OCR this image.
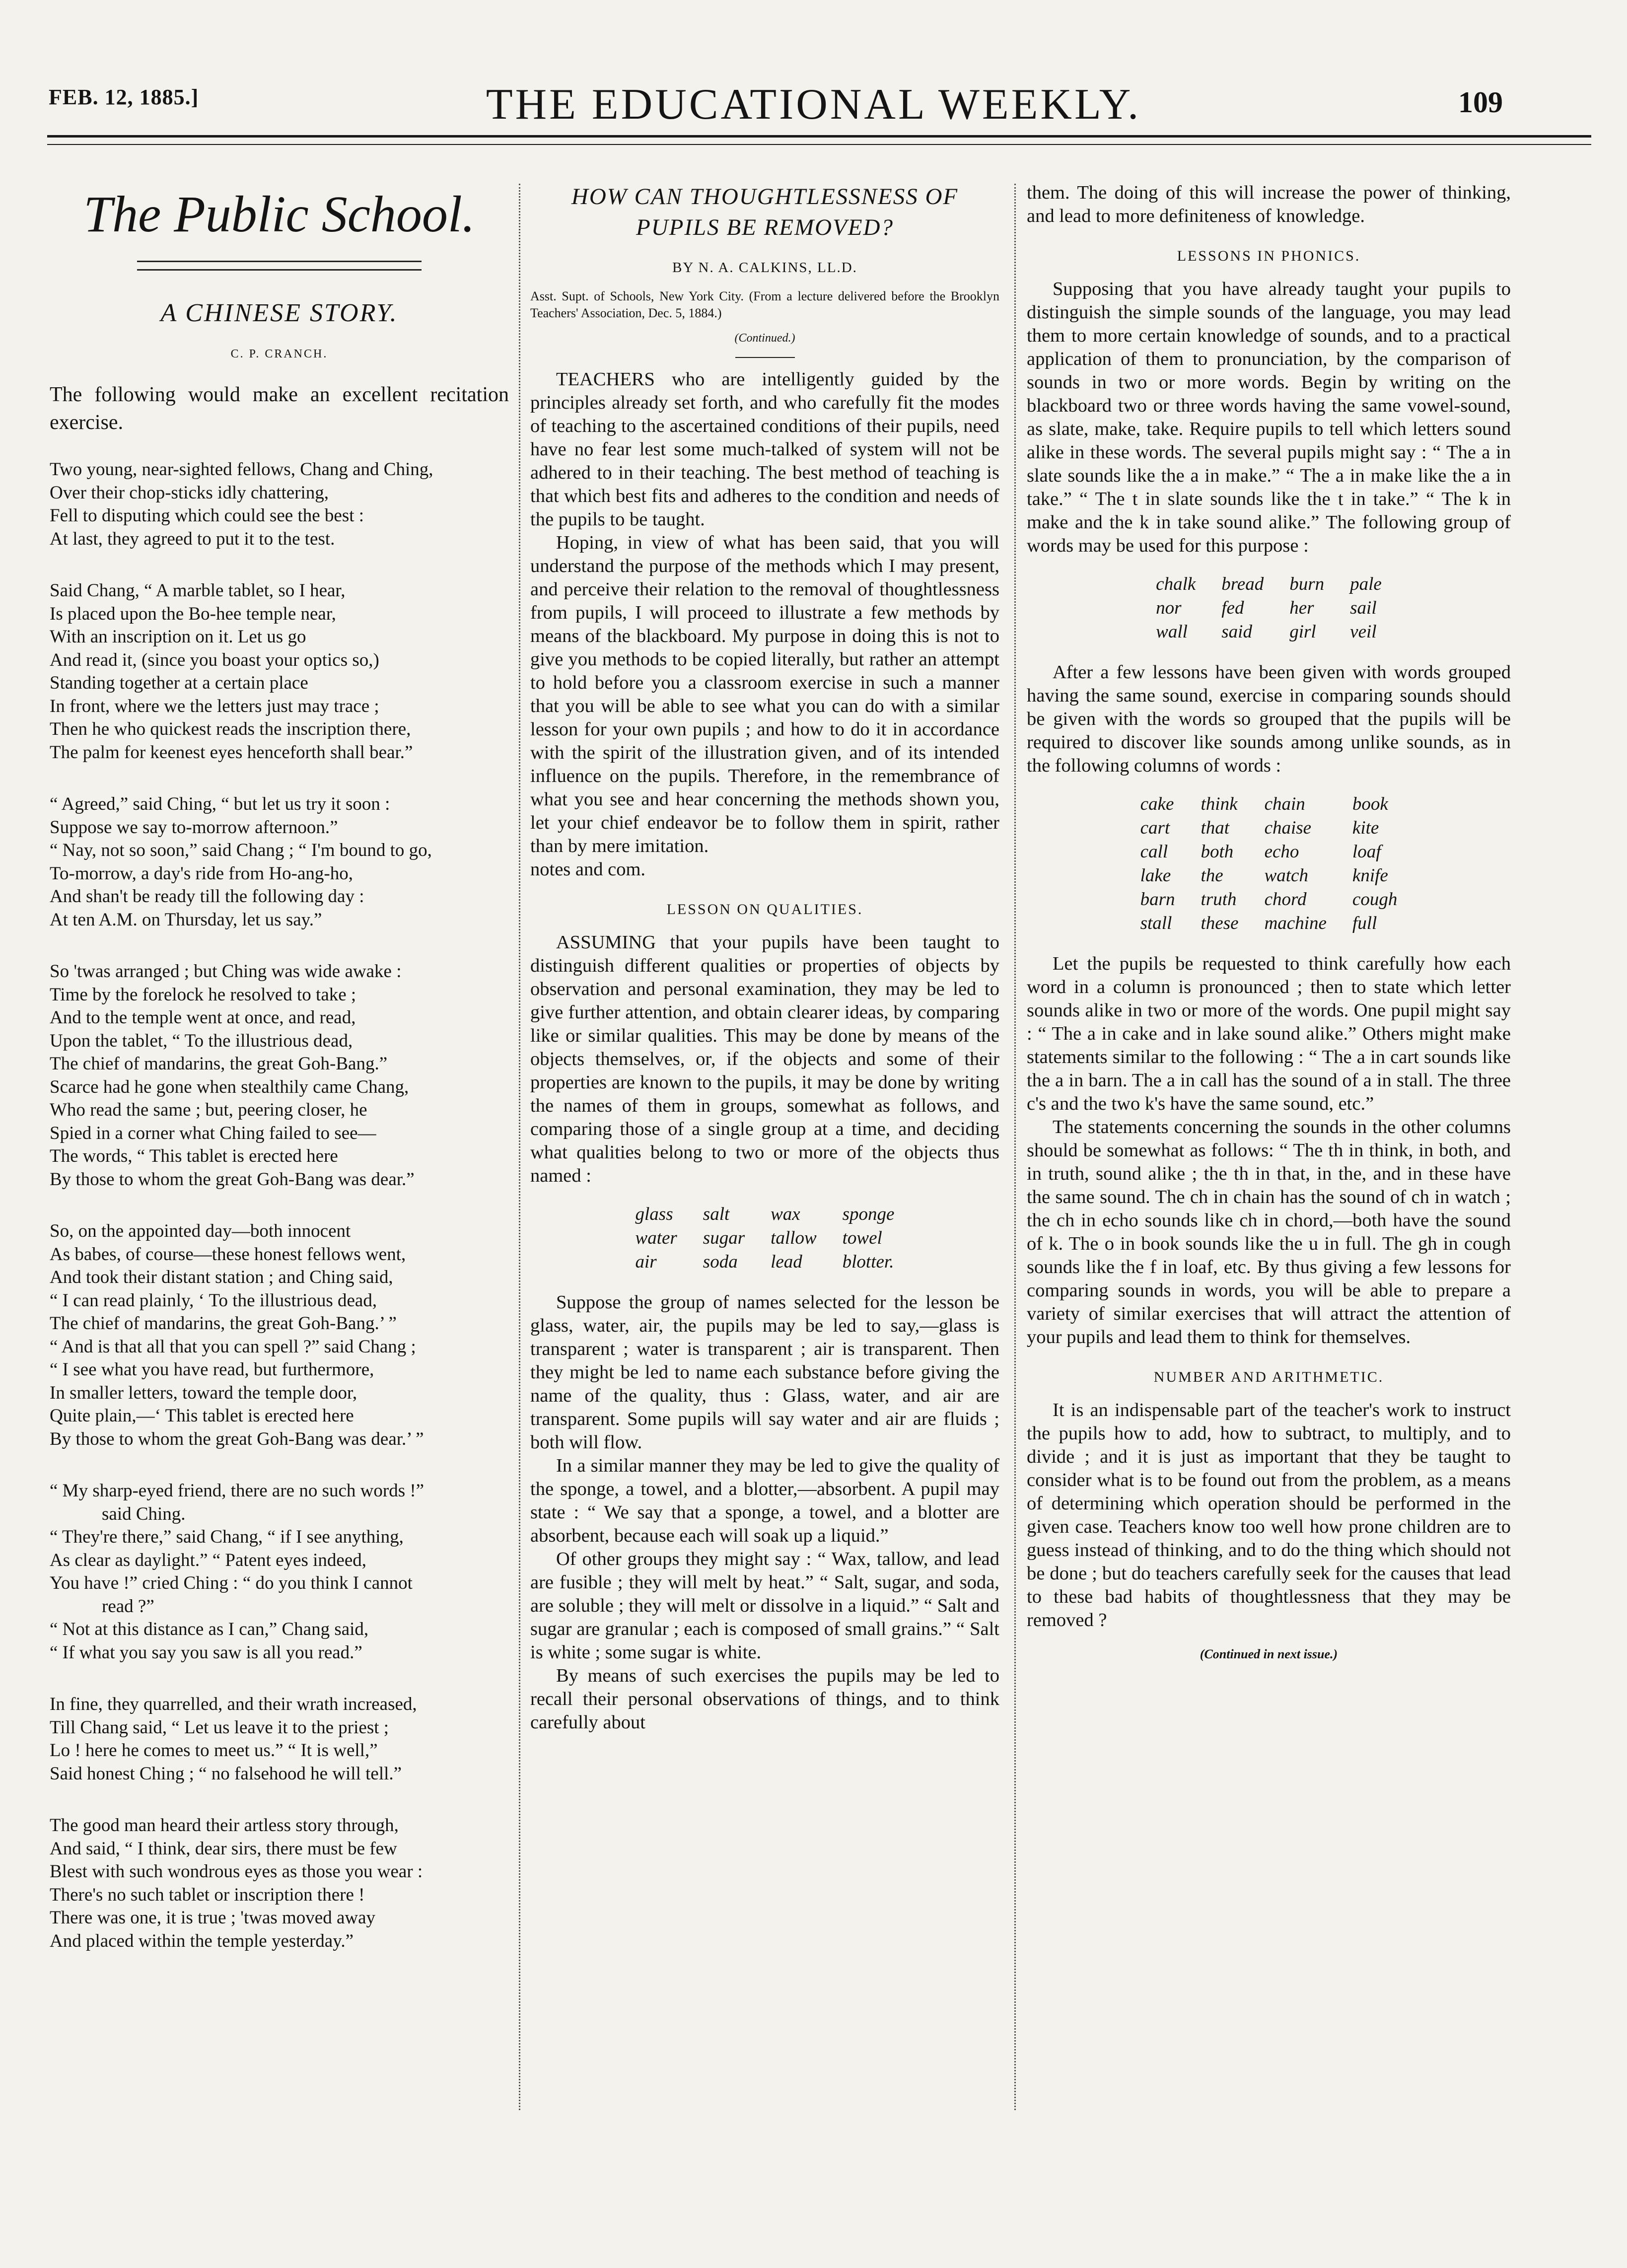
FEB. 12, 1885.]	THE EDUCATIONAL WEEKLY.	109
The Public School.
A CHINESE STORY.
C. P. CRANCH.
The following would make an excellent recitation exercise.
Two young, near-sighted fellows, Chang and Ching,
Over their chop-sticks idly chattering,
Fell to disputing which could see the best :
At last, they agreed to put it to the test.
Said Chang, “ A marble tablet, so I hear,
Is placed upon the Bo-hee temple near,
With an inscription on it. Let us go
And read it, (since you boast your optics so,)
Standing together at a certain place
In front, where we the letters just may trace ;
Then he who quickest reads the inscription there,
The palm for keenest eyes henceforth shall bear.”
“ Agreed,” said Ching, “ but let us try it soon :
Suppose we say to-morrow afternoon.”
“ Nay, not so soon,” said Chang ; “ I'm bound to go,
To-morrow, a day's ride from Ho-ang-ho,
And shan't be ready till the following day :
At ten A.M. on Thursday, let us say.”
So 'twas arranged ; but Ching was wide awake :
Time by the forelock he resolved to take ;
And to the temple went at once, and read,
Upon the tablet, “ To the illustrious dead,
The chief of mandarins, the great Goh-Bang.”
Scarce had he gone when stealthily came Chang,
Who read the same ; but, peering closer, he
Spied in a corner what Ching failed to see—
The words, “ This tablet is erected here
By those to whom the great Goh-Bang was dear.”
So, on the appointed day—both innocent
As babes, of course—these honest fellows went,
And took their distant station ; and Ching said,
“ I can read plainly, ‘ To the illustrious dead,
The chief of mandarins, the great Goh-Bang.’ ”
“ And is that all that you can spell ?” said Chang ;
“ I see what you have read, but furthermore,
In smaller letters, toward the temple door,
Quite plain,—‘ This tablet is erected here
By those to whom the great Goh-Bang was dear.’ ”
“ My sharp-eyed friend, there are no such words !”
said Ching.
“ They're there,” said Chang, “ if I see anything,
As clear as daylight.” “ Patent eyes indeed,
You have !” cried Ching : “ do you think I cannot
read ?”
“ Not at this distance as I can,” Chang said,
“ If what you say you saw is all you read.”
In fine, they quarrelled, and their wrath increased,
Till Chang said, “ Let us leave it to the priest ;
Lo ! here he comes to meet us.” “ It is well,”
Said honest Ching ; “ no falsehood he will tell.”
The good man heard their artless story through,
And said, “ I think, dear sirs, there must be few
Blest with such wondrous eyes as those you wear :
There's no such tablet or inscription there !
There was one, it is true ; 'twas moved away
And placed within the temple yesterday.”
HOW CAN THOUGHTLESSNESS OF
PUPILS BE REMOVED?
BY N. A. CALKINS, LL.D.
Asst. Supt. of Schools, New York City. (From a lecture delivered before the Brooklyn Teachers' Association, Dec. 5, 1884.)
(Continued.)

TEACHERS who are intelligently guided by the principles already set forth, and who carefully fit the modes of teaching to the ascertained conditions of their pupils, need have no fear lest some much-talked of system will not be adhered to in their teaching. The best method of teaching is that which best fits and adheres to the condition and needs of the pupils to be taught.

Hoping, in view of what has been said, that you will understand the purpose of the methods which I may present, and perceive their relation to the removal of thoughtlessness from pupils, I will proceed to illustrate a few methods by means of the blackboard. My purpose in doing this is not to give you methods to be copied literally, but rather an attempt to hold before you a classroom exercise in such a manner that you will be able to see what you can do with a similar lesson for your own pupils ; and how to do it in accordance with the spirit of the illustration given, and of its intended influence on the pupils. Therefore, in the remembrance of what you see and hear concerning the methods shown you, let your chief endeavor be to follow them in spirit, rather than by mere imitation.

notes and com.

LESSON ON QUALITIES.

ASSUMING that your pupils have been taught to distinguish different qualities or properties of objects by observation and personal examination, they may be led to give further attention, and obtain clearer ideas, by comparing like or similar qualities. This may be done by means of the objects themselves, or, if the objects and some of their properties are known to the pupils, it may be done by writing the names of them in groups, somewhat as follows, and comparing those of a single group at a time, and deciding what qualities belong to two or more of the objects thus named :

glass	salt	wax	sponge
water	sugar	tallow	towel
air	soda	lead	blotter.

Suppose the group of names selected for the lesson be glass, water, air, the pupils may be led to say,—glass is transparent ; water is transparent ; air is transparent. Then they might be led to name each substance before giving the name of the quality, thus : Glass, water, and air are transparent. Some pupils will say water and air are fluids ; both will flow.

In a similar manner they may be led to give the quality of the sponge, a towel, and a blotter,—absorbent. A pupil may state : “ We say that a sponge, a towel, and a blotter are absorbent, because each will soak up a liquid.”

Of other groups they might say : “ Wax, tallow, and lead are fusible ; they will melt by heat.” “ Salt, sugar, and soda, are soluble ; they will melt or dissolve in a liquid.” “ Salt and sugar are granular ; each is composed of small grains.” “ Salt is white ; some sugar is white.

By means of such exercises the pupils may be led to recall their personal observations of things, and to think carefully about

them. The doing of this will increase the power of thinking, and lead to more definiteness of knowledge.

LESSONS IN PHONICS.

Supposing that you have already taught your pupils to distinguish the simple sounds of the language, you may lead them to more certain knowledge of sounds, and to a practical application of them to pronunciation, by the comparison of sounds in two or more words. Begin by writing on the blackboard two or three words having the same vowel-sound, as slate, make, take. Require pupils to tell which letters sound alike in these words. The several pupils might say : “ The a in slate sounds like the a in make.” “ The a in make like the a in take.” “ The t in slate sounds like the t in take.” “ The k in make and the k in take sound alike.” The following group of words may be used for this purpose :

chalk	bread	burn	pale
nor	fed	her	sail
wall	said	girl	veil

After a few lessons have been given with words grouped having the same sound, exercise in comparing sounds should be given with the words so grouped that the pupils will be required to discover like sounds among unlike sounds, as in the following columns of words :

cake	think	chain	book
cart	that	chaise	kite
call	both	echo	loaf
lake	the	watch	knife
barn	truth	chord	cough
stall	these	machine	full

Let the pupils be requested to think carefully how each word in a column is pronounced ; then to state which letter sounds alike in two or more of the words. One pupil might say : “ The a in cake and in lake sound alike.” Others might make statements similar to the following : “ The a in cart sounds like the a in barn. The a in call has the sound of a in stall. The three c's and the two k's have the same sound, etc.”

The statements concerning the sounds in the other columns should be somewhat as follows: “ The th in think, in both, and in truth, sound alike ; the th in that, in the, and in these have the same sound. The ch in chain has the sound of ch in watch ; the ch in echo sounds like ch in chord,—both have the sound of k. The o in book sounds like the u in full. The gh in cough sounds like the f in loaf, etc. By thus giving a few lessons for comparing sounds in words, you will be able to prepare a variety of similar exercises that will attract the attention of your pupils and lead them to think for themselves.

NUMBER AND ARITHMETIC.

It is an indispensable part of the teacher's work to instruct the pupils how to add, how to subtract, to multiply, and to divide ; and it is just as important that they be taught to consider what is to be found out from the problem, as a means of determining which operation should be performed in the given case. Teachers know too well how prone children are to guess instead of thinking, and to do the thing which should not be done ; but do teachers carefully seek for the causes that lead to these bad habits of thoughtlessness that they may be removed ?

(Continued in next issue.)
